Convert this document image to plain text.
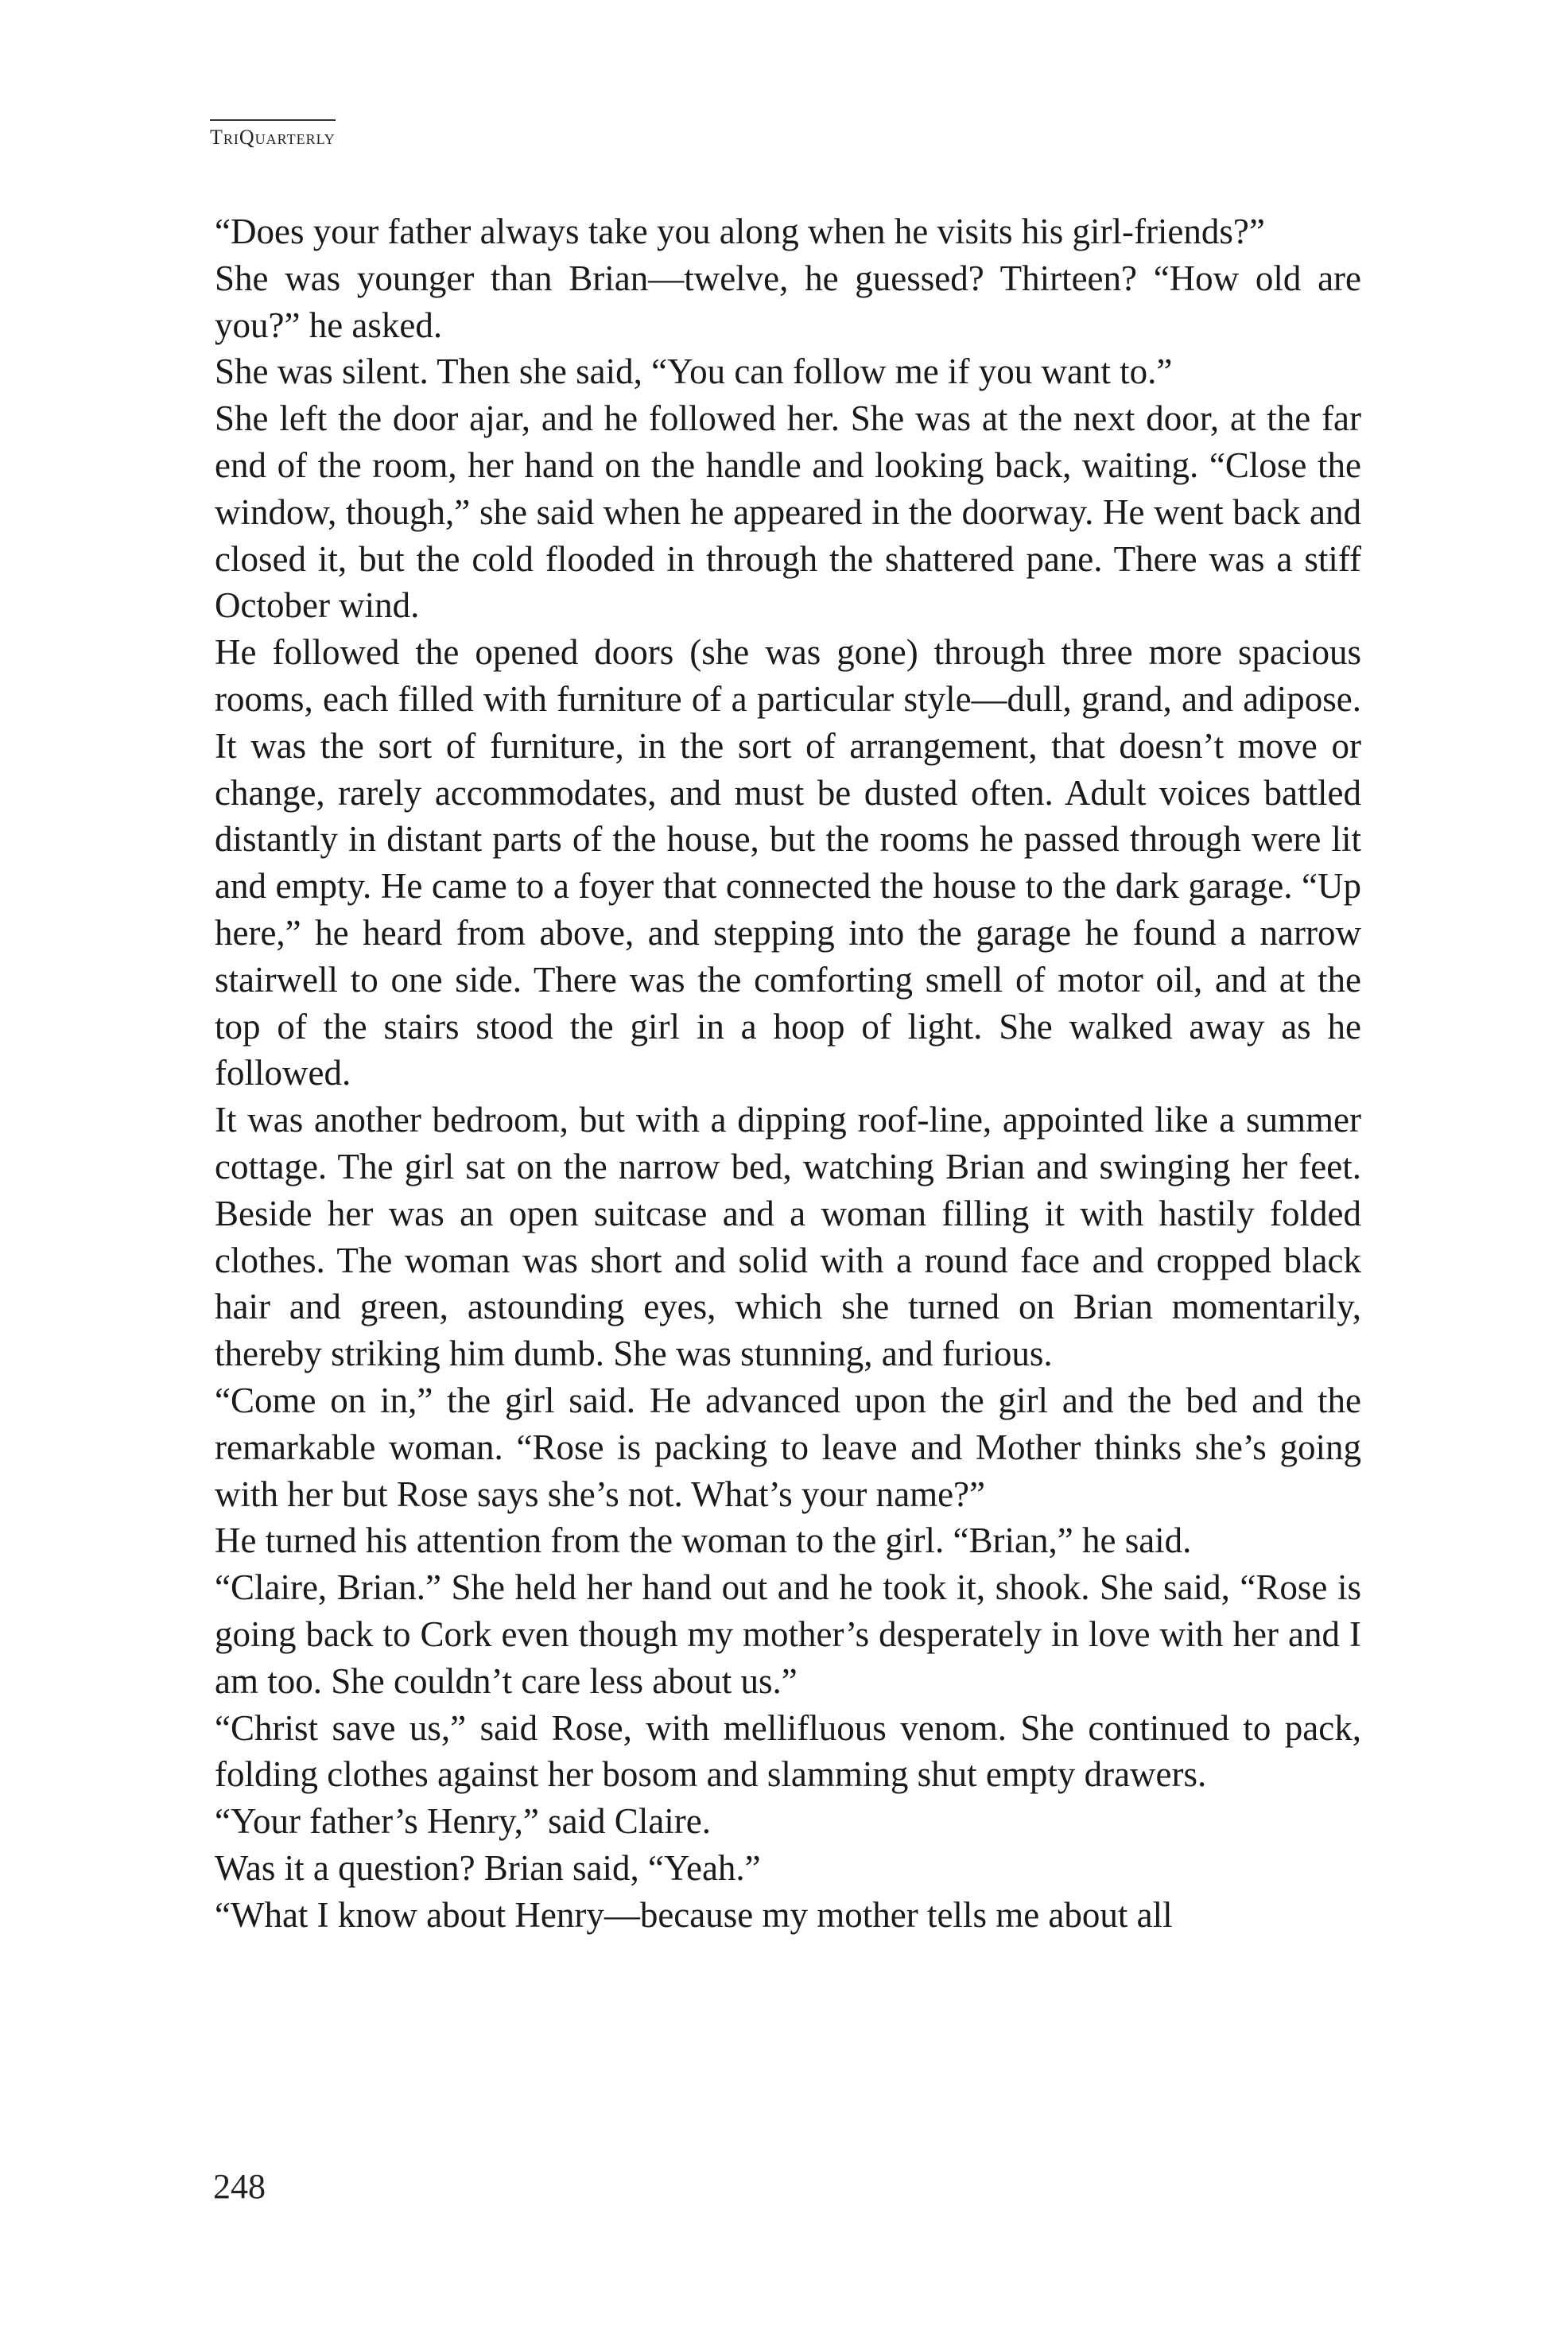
TriQuarterly

“Does your father always take you along when he visits his girl-friends?”

She was younger than Brian—twelve, he guessed? Thirteen? “How old are you?” he asked.

She was silent. Then she said, “You can follow me if you want to.”

She left the door ajar, and he followed her. She was at the next door, at the far end of the room, her hand on the handle and looking back, waiting. “Close the window, though,” she said when he appeared in the doorway. He went back and closed it, but the cold flooded in through the shattered pane. There was a stiff October wind.

He followed the opened doors (she was gone) through three more spacious rooms, each filled with furniture of a particular style—dull, grand, and adipose. It was the sort of furniture, in the sort of arrangement, that doesn’t move or change, rarely accommodates, and must be dusted often. Adult voices battled distantly in distant parts of the house, but the rooms he passed through were lit and empty. He came to a foyer that connected the house to the dark garage. “Up here,” he heard from above, and stepping into the garage he found a narrow stairwell to one side. There was the comforting smell of motor oil, and at the top of the stairs stood the girl in a hoop of light. She walked away as he followed.

It was another bedroom, but with a dipping roof-line, appointed like a summer cottage. The girl sat on the narrow bed, watching Brian and swinging her feet. Beside her was an open suitcase and a woman filling it with hastily folded clothes. The woman was short and solid with a round face and cropped black hair and green, astounding eyes, which she turned on Brian momentarily, thereby striking him dumb. She was stunning, and furious.

“Come on in,” the girl said. He advanced upon the girl and the bed and the remarkable woman. “Rose is packing to leave and Mother thinks she’s going with her but Rose says she’s not. What’s your name?”

He turned his attention from the woman to the girl. “Brian,” he said.

“Claire, Brian.” She held her hand out and he took it, shook. She said, “Rose is going back to Cork even though my mother’s desperately in love with her and I am too. She couldn’t care less about us.”

“Christ save us,” said Rose, with mellifluous venom. She continued to pack, folding clothes against her bosom and slamming shut empty drawers.

“Your father’s Henry,” said Claire.

Was it a question? Brian said, “Yeah.”

“What I know about Henry—because my mother tells me about all

248
